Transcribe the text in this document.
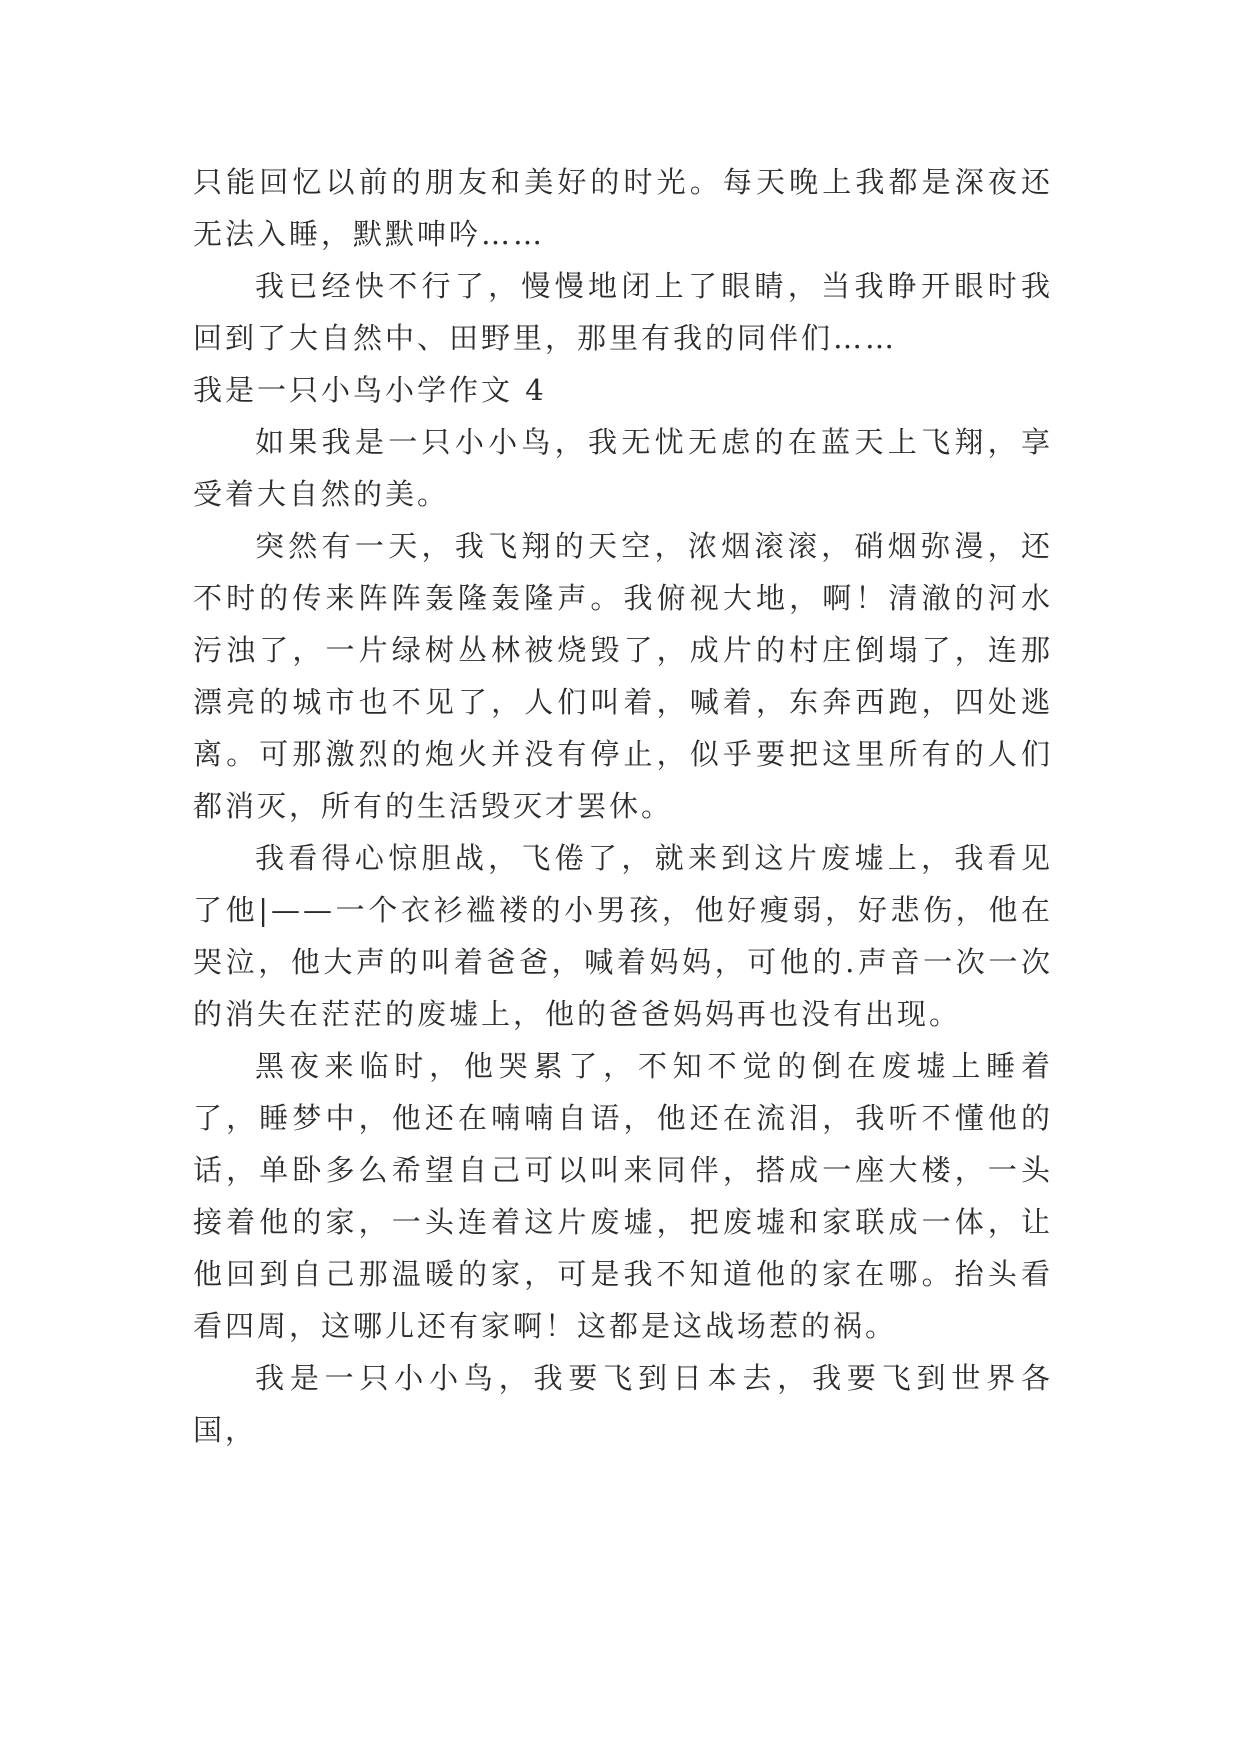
只能回忆以前的朋友和美好的时光。每天晚上我都是深夜还无法入睡，默默呻吟……

我已经快不行了，慢慢地闭上了眼睛，当我睁开眼时我回到了大自然中、田野里，那里有我的同伴们……

我是一只小鸟小学作文 4

如果我是一只小小鸟，我无忧无虑的在蓝天上飞翔，享受着大自然的美。

突然有一天，我飞翔的天空，浓烟滚滚，硝烟弥漫，还不时的传来阵阵轰隆轰隆声。我俯视大地，啊！清澈的河水污浊了，一片绿树丛林被烧毁了，成片的村庄倒塌了，连那漂亮的城市也不见了，人们叫着，喊着，东奔西跑，四处逃离。可那激烈的炮火并没有停止，似乎要把这里所有的人们都消灭，所有的生活毁灭才罢休。

我看得心惊胆战，飞倦了，就来到这片废墟上，我看见了他|——一个衣衫褴褛的小男孩，他好瘦弱，好悲伤，他在哭泣，他大声的叫着爸爸，喊着妈妈，可他的.声音一次一次的消失在茫茫的废墟上，他的爸爸妈妈再也没有出现。

黑夜来临时，他哭累了，不知不觉的倒在废墟上睡着了，睡梦中，他还在喃喃自语，他还在流泪，我听不懂他的话，单卧多么希望自己可以叫来同伴，搭成一座大楼，一头接着他的家，一头连着这片废墟，把废墟和家联成一体，让他回到自己那温暖的家，可是我不知道他的家在哪。抬头看看四周，这哪儿还有家啊！这都是这战场惹的祸。

我是一只小小鸟，我要飞到日本去，我要飞到世界各国，
